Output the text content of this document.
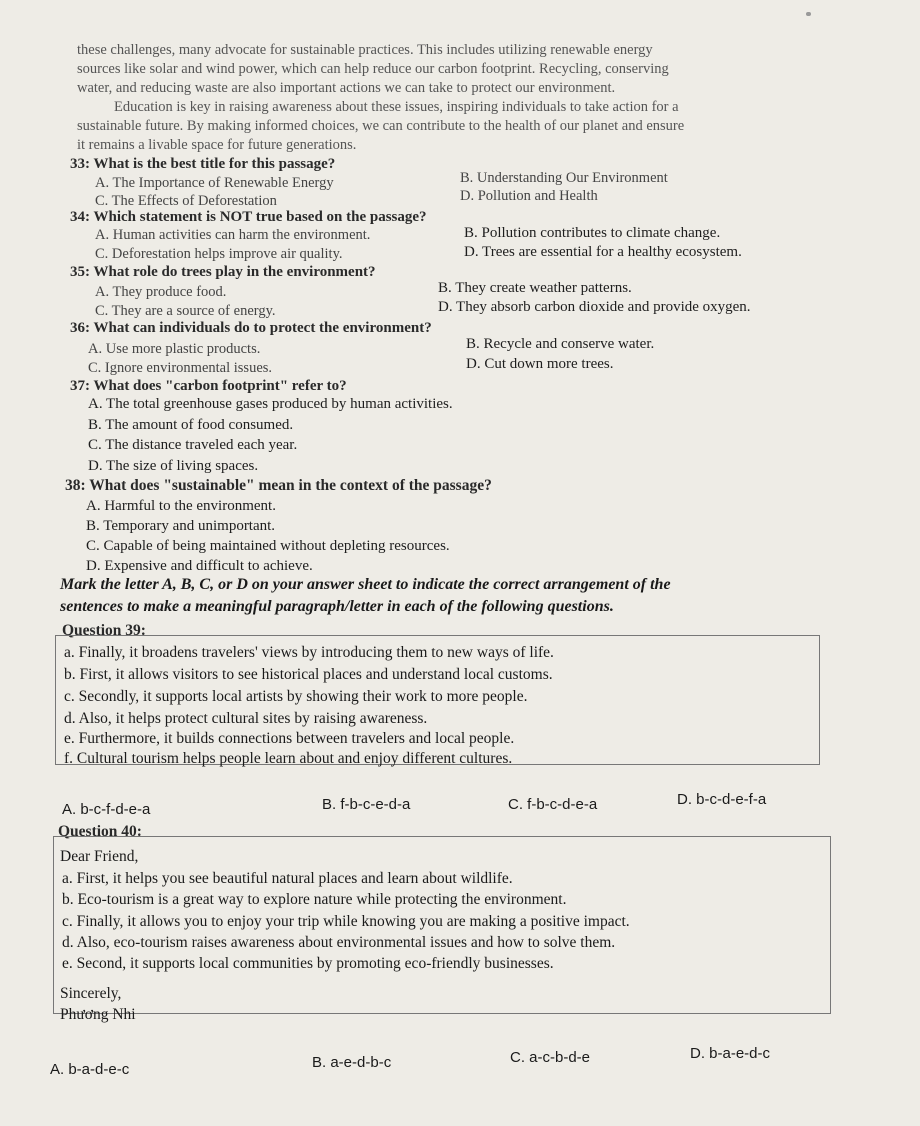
these challenges, many advocate for sustainable practices. This includes utilizing renewable energy
sources like solar and wind power, which can help reduce our carbon footprint. Recycling, conserving
water, and reducing waste are also important actions we can take to protect our environment.
Education is key in raising awareness about these issues, inspiring individuals to take action for a
sustainable future. By making informed choices, we can contribute to the health of our planet and ensure
it remains a livable space for future generations.
33: What is the best title for this passage?
A. The Importance of Renewable Energy	B. Understanding Our Environment
C. The Effects of Deforestation	D. Pollution and Health
34: Which statement is NOT true based on the passage?
A. Human activities can harm the environment.	B. Pollution contributes to climate change.
C. Deforestation helps improve air quality.	D. Trees are essential for a healthy ecosystem.
35: What role do trees play in the environment?
A. They produce food.	B. They create weather patterns.
C. They are a source of energy.	D. They absorb carbon dioxide and provide oxygen.
36: What can individuals do to protect the environment?
A. Use more plastic products.	B. Recycle and conserve water.
C. Ignore environmental issues.	D. Cut down more trees.
37: What does "carbon footprint" refer to?
A. The total greenhouse gases produced by human activities.
B. The amount of food consumed.
C. The distance traveled each year.
D. The size of living spaces.
38: What does "sustainable" mean in the context of the passage?
A. Harmful to the environment.
B. Temporary and unimportant.
C. Capable of being maintained without depleting resources.
D. Expensive and difficult to achieve.
Mark the letter A, B, C, or D on your answer sheet to indicate the correct arrangement of the
sentences to make a meaningful paragraph/letter in each of the following questions.
Question 39:
a. Finally, it broadens travelers' views by introducing them to new ways of life.
b. First, it allows visitors to see historical places and understand local customs.
c. Secondly, it supports local artists by showing their work to more people.
d. Also, it helps protect cultural sites by raising awareness.
e. Furthermore, it builds connections between travelers and local people.
f. Cultural tourism helps people learn about and enjoy different cultures.
A. b-c-f-d-e-a	B. f-b-c-e-d-a	C. f-b-c-d-e-a	D. b-c-d-e-f-a
Question 40:
Dear Friend,
a. First, it helps you see beautiful natural places and learn about wildlife.
b. Eco-tourism is a great way to explore nature while protecting the environment.
c. Finally, it allows you to enjoy your trip while knowing you are making a positive impact.
d. Also, eco-tourism raises awareness about environmental issues and how to solve them.
e. Second, it supports local communities by promoting eco-friendly businesses.
Sincerely,
Phương Nhi
A. b-a-d-e-c	B. a-e-d-b-c	C. a-c-b-d-e	D. b-a-e-d-c
